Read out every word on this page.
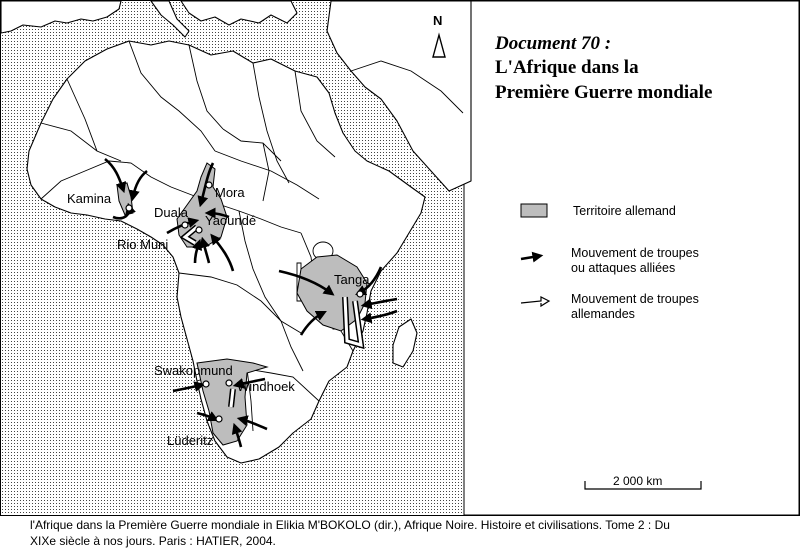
Kamina	Mora
Duala
Yaoundé
Rio Muni
Tanga
Swakopmund
Windhoek
Lüderitz
N
Document 70 :
L'Afrique dans la
Première Guerre mondiale
Territoire allemand
Mouvement de troupes
ou attaques alliées
Mouvement de troupes
allemandes
2 000 km
l'Afrique dans la Première Guerre mondiale in Elikia M'BOKOLO (dir.), Afrique Noire. Histoire et civilisations. Tome 2 : Du
XIXe siècle à nos jours. Paris : HATIER, 2004.
